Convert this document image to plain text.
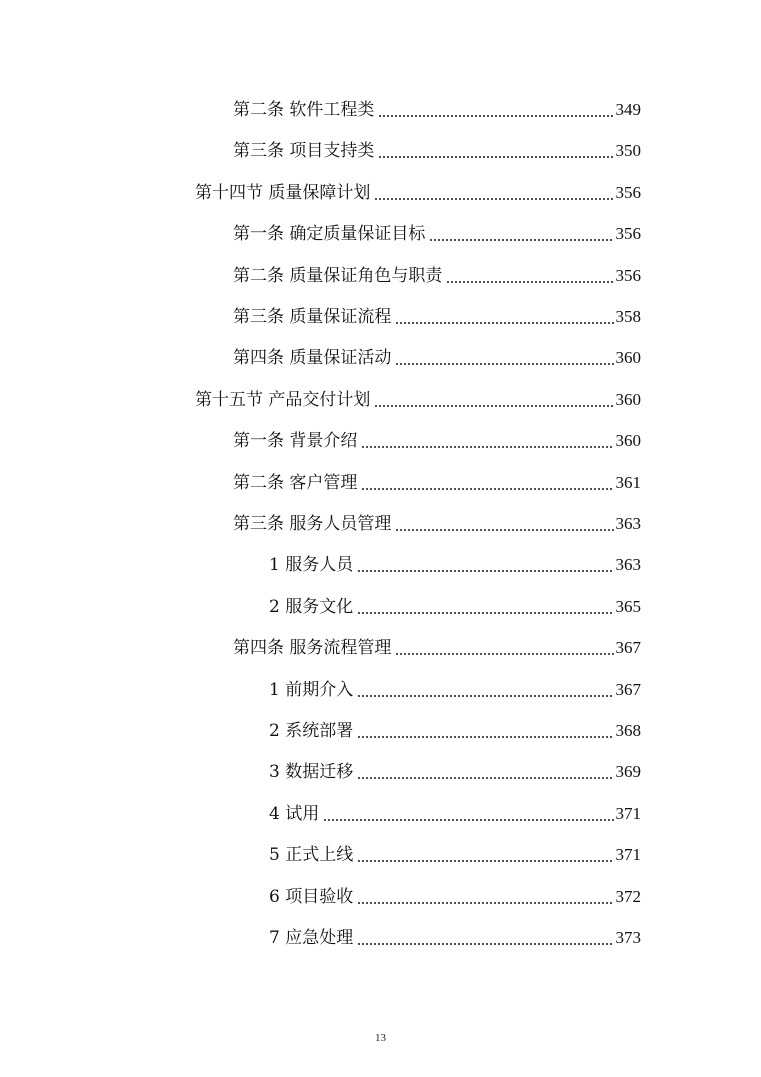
第二条 软件工程类	349
第三条 项目支持类	350
第十四节 质量保障计划	356
第一条 确定质量保证目标	356
第二条 质量保证角色与职责	356
第三条 质量保证流程	358
第四条 质量保证活动	360
第十五节 产品交付计划	360
第一条 背景介绍	360
第二条 客户管理	361
第三条 服务人员管理	363
1 服务人员	363
2 服务文化	365
第四条 服务流程管理	367
1 前期介入	367
2 系统部署	368
3 数据迁移	369
4 试用	371
5 正式上线	371
6 项目验收	372
7 应急处理	373
13
